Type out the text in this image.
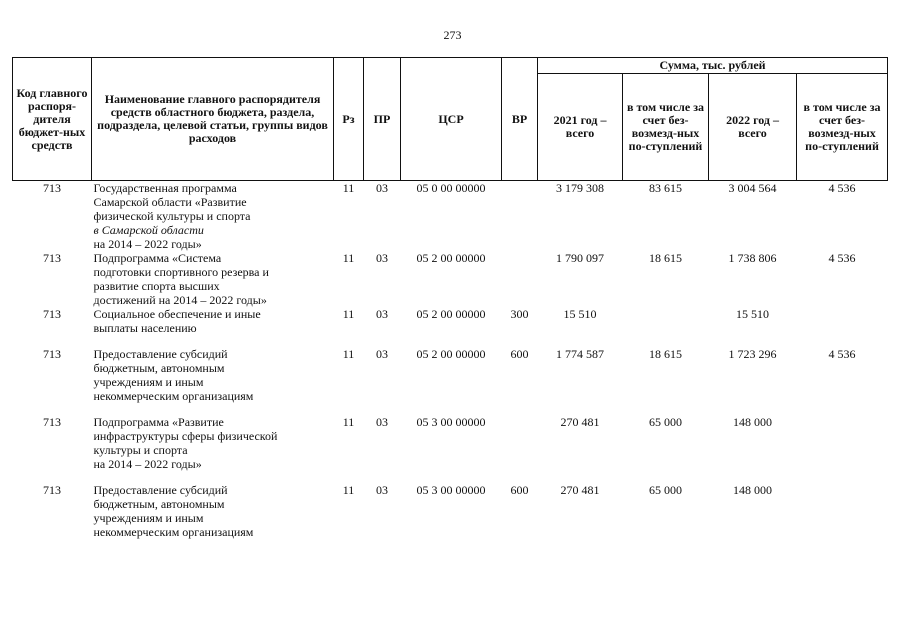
273
Код главного распоря-дителя бюджет-ных средств	Наименование главного распорядителя средств областного бюджета, раздела, подраздела, целевой статьи, группы видов расходов	Рз	ПР	ЦСР	ВР	Сумма, тыс. рублей			
						2021 год – всего	в том числе за счет без-возмезд-ных по-ступлений	2022 год – всего	в том числе за счет без-возмезд-ных по-ступлений
713	Государственная программа
Самарской области «Развитие
физической культуры и спорта
в Самарской области
на 2014 – 2022 годы»	11	03	05 0 00 00000		3 179 308	83 615	3 004 564	4 536
713	Подпрограмма «Система
подготовки спортивного резерва и
развитие спорта высших
достижений на 2014 – 2022 годы»	11	03	05 2 00 00000		1 790 097	18 615	1 738 806	4 536
713	Социальное обеспечение и иные
выплаты населению	11	03	05 2 00 00000	300	15 510		15 510	

713	Предоставление субсидий
бюджетным, автономным
учреждениям и иным
некоммерческим организациям	11	03	05 2 00 00000	600	1 774 587	18 615	1 723 296	4 536

713	Подпрограмма «Развитие
инфраструктуры сферы физической
культуры и спорта
на 2014 – 2022 годы»	11	03	05 3 00 00000		270 481	65 000	148 000	

713	Предоставление субсидий
бюджетным, автономным
учреждениям и иным
некоммерческим организациям	11	03	05 3 00 00000	600	270 481	65 000	148 000	
